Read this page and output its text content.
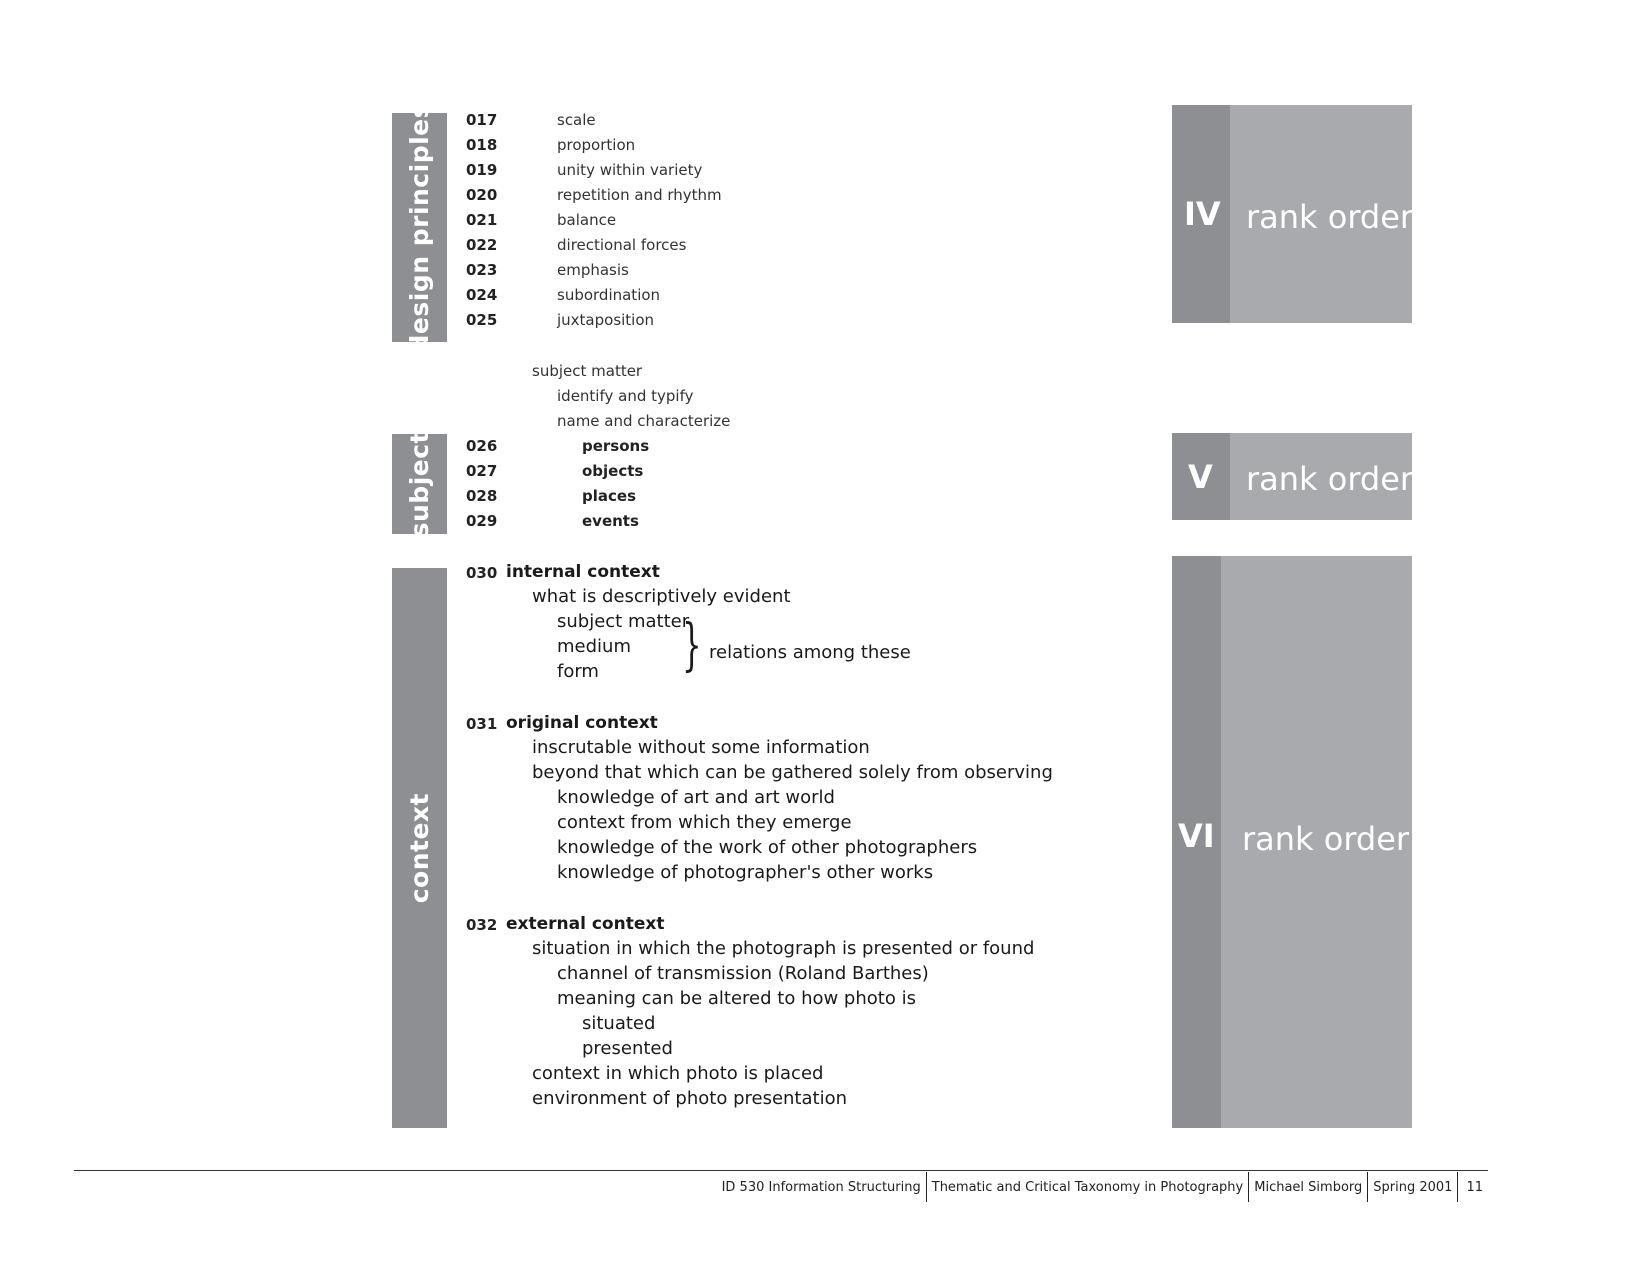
design principles
subject
context
017	scale
018	proportion
019	unity within variety
020	repetition and rhythm
021	balance
022	directional forces
023	emphasis
024	subordination
025	juxtaposition
subject matter
identify and typify
name and characterize
026	persons
027	objects
028	places
029	events
030 internal context
what is descriptively evident
subject matter
medium
form } relations among these
031 original context
inscrutable without some information
beyond that which can be gathered solely from observing
knowledge of art and art world
context from which they emerge
knowledge of the work of other photographers
knowledge of photographer's other works
032 external context
situation in which the photograph is presented or found
channel of transmission (Roland Barthes)
meaning can be altered to how photo is
situated
presented
context in which photo is placed
environment of photo presentation
IV rank order
V rank order
VI rank order
ID 530 Information Structuring Thematic and Critical Taxonomy in Photography Michael Simborg Spring 2001	11
